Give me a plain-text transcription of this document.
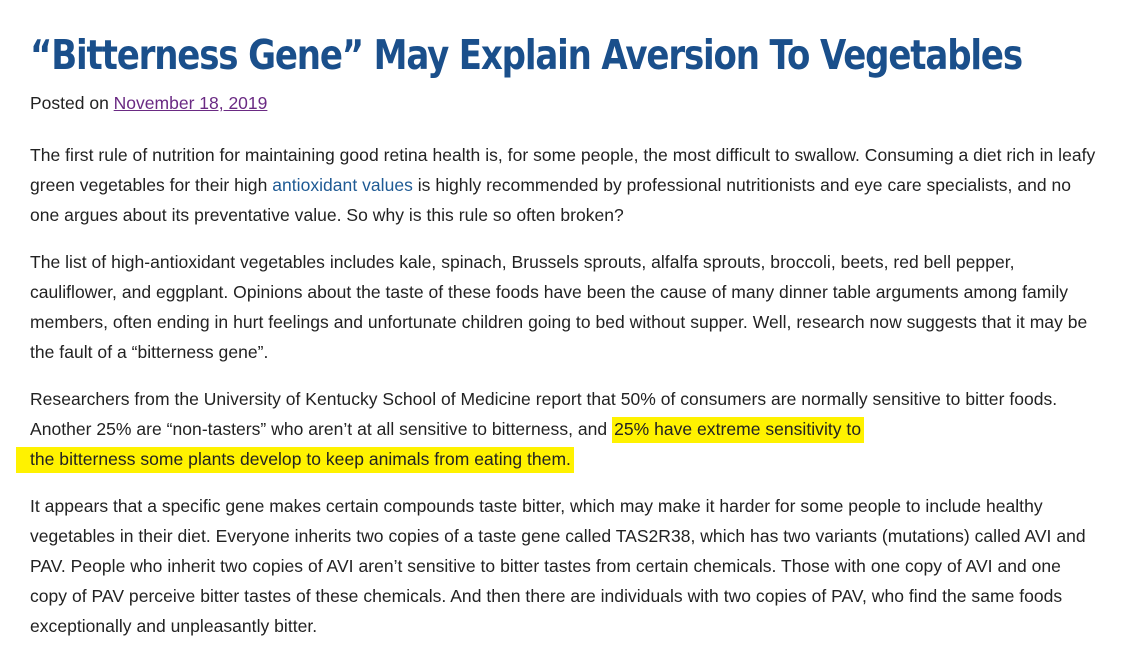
“Bitterness Gene” May Explain Aversion To Vegetables
Posted on November 18, 2019

The first rule of nutrition for maintaining good retina health is, for some people, the most difficult to swallow. Consuming a diet rich in leafy green vegetables for their high antioxidant values is highly recommended by professional nutritionists and eye care specialists, and no one argues about its preventative value. So why is this rule so often broken?

The list of high-antioxidant vegetables includes kale, spinach, Brussels sprouts, alfalfa sprouts, broccoli, beets, red bell pepper, cauliflower, and eggplant. Opinions about the taste of these foods have been the cause of many dinner table arguments among family members, often ending in hurt feelings and unfortunate children going to bed without supper. Well, research now suggests that it may be the fault of a “bitterness gene”.

Researchers from the University of Kentucky School of Medicine report that 50% of consumers are normally sensitive to bitter foods. Another 25% are “non-tasters” who aren’t at all sensitive to bitterness, and 25% have extreme sensitivity to
the bitterness some plants develop to keep animals from eating them.

It appears that a specific gene makes certain compounds taste bitter, which may make it harder for some people to include healthy vegetables in their diet. Everyone inherits two copies of a taste gene called TAS2R38, which has two variants (mutations) called AVI and PAV. People who inherit two copies of AVI aren’t sensitive to bitter tastes from certain chemicals. Those with one copy of AVI and one copy of PAV perceive bitter tastes of these chemicals. And then there are individuals with two copies of PAV, who find the same foods exceptionally and unpleasantly bitter.
